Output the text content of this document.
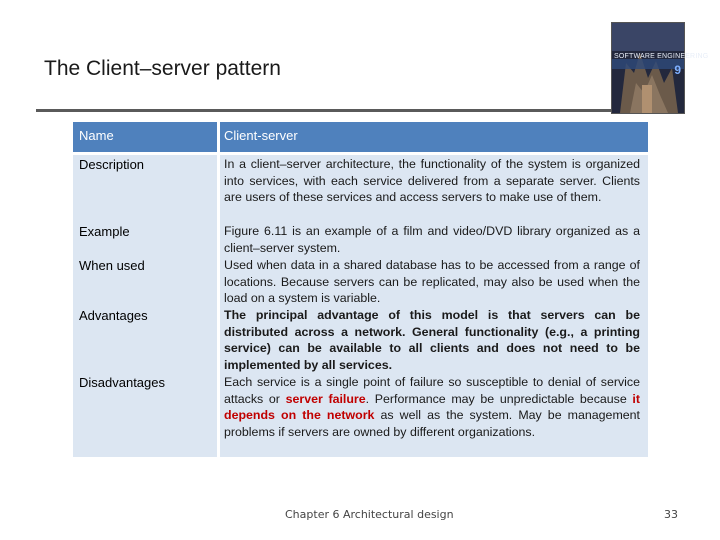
The Client–server pattern
SOFTWARE ENGINEERING
9
Name	Client-server
Description	In a client–server architecture, the functionality of the system is organized into services, with each service delivered from a separate server. Clients are users of these services and access servers to make use of them.
Example	Figure 6.11 is an example of a film and video/DVD library organized as a client–server system.
When used	Used when data in a shared database has to be accessed from a range of locations. Because servers can be replicated, may also be used when the load on a system is variable.
Advantages	The principal advantage of this model is that servers can be distributed across a network. General functionality (e.g., a printing service) can be available to all clients and does not need to be implemented by all services.
Disadvantages	Each service is a single point of failure so susceptible to denial of service attacks or server failure. Performance may be unpredictable because it depends on the network as well as the system. May be management problems if servers are owned by different organizations.
Chapter 6 Architectural design	33
